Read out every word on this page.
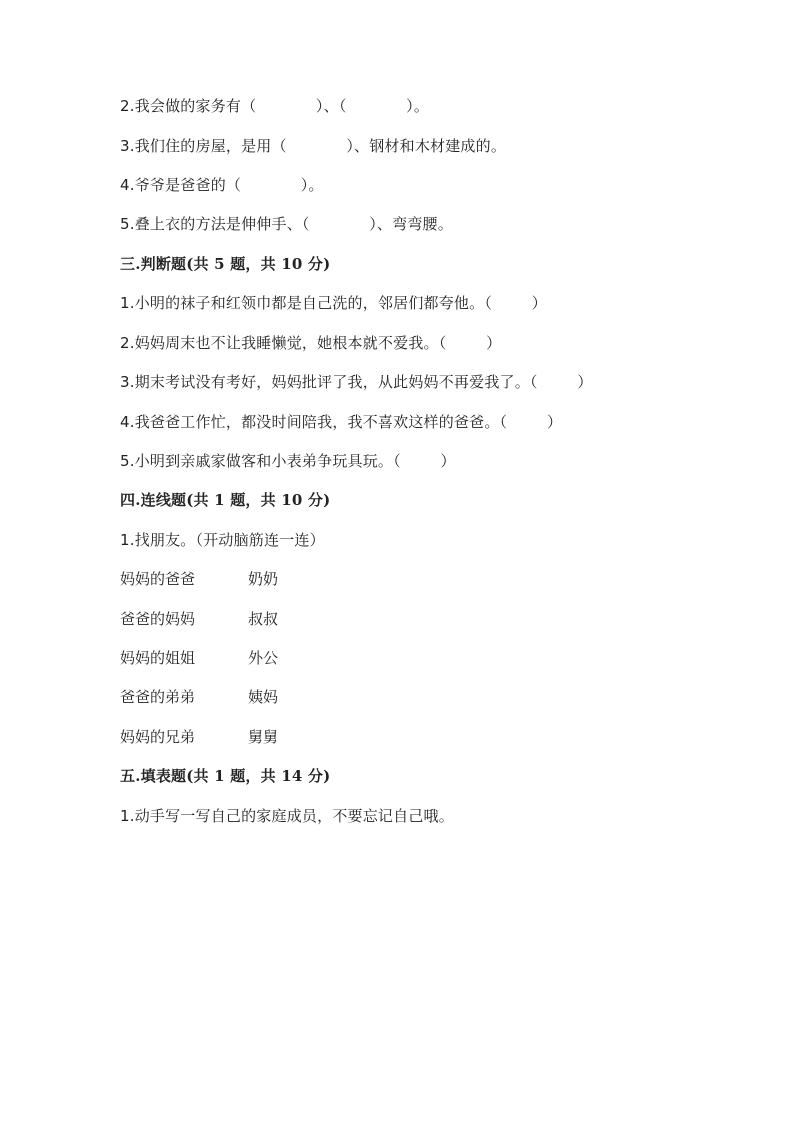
2.我会做的家务有（            ）、（            ）。
3.我们住的房屋，是用（            ）、钢材和木材建成的。
4.爷爷是爸爸的（            ）。
5.叠上衣的方法是伸伸手、（            ）、弯弯腰。
三.判断题(共 5 题，共 10 分)
1.小明的袜子和红领巾都是自己洗的，邻居们都夸他。（        ）
2.妈妈周末也不让我睡懒觉，她根本就不爱我。（        ）
3.期末考试没有考好，妈妈批评了我，从此妈妈不再爱我了。（        ）
4.我爸爸工作忙，都没时间陪我，我不喜欢这样的爸爸。（        ）
5.小明到亲戚家做客和小表弟争玩具玩。（        ）
四.连线题(共 1 题，共 10 分)
1.找朋友。（开动脑筋连一连）
妈妈的爸爸	奶奶
爸爸的妈妈	叔叔
妈妈的姐姐	外公
爸爸的弟弟	姨妈
妈妈的兄弟	舅舅
五.填表题(共 1 题，共 14 分)
1.动手写一写自己的家庭成员，不要忘记自己哦。
